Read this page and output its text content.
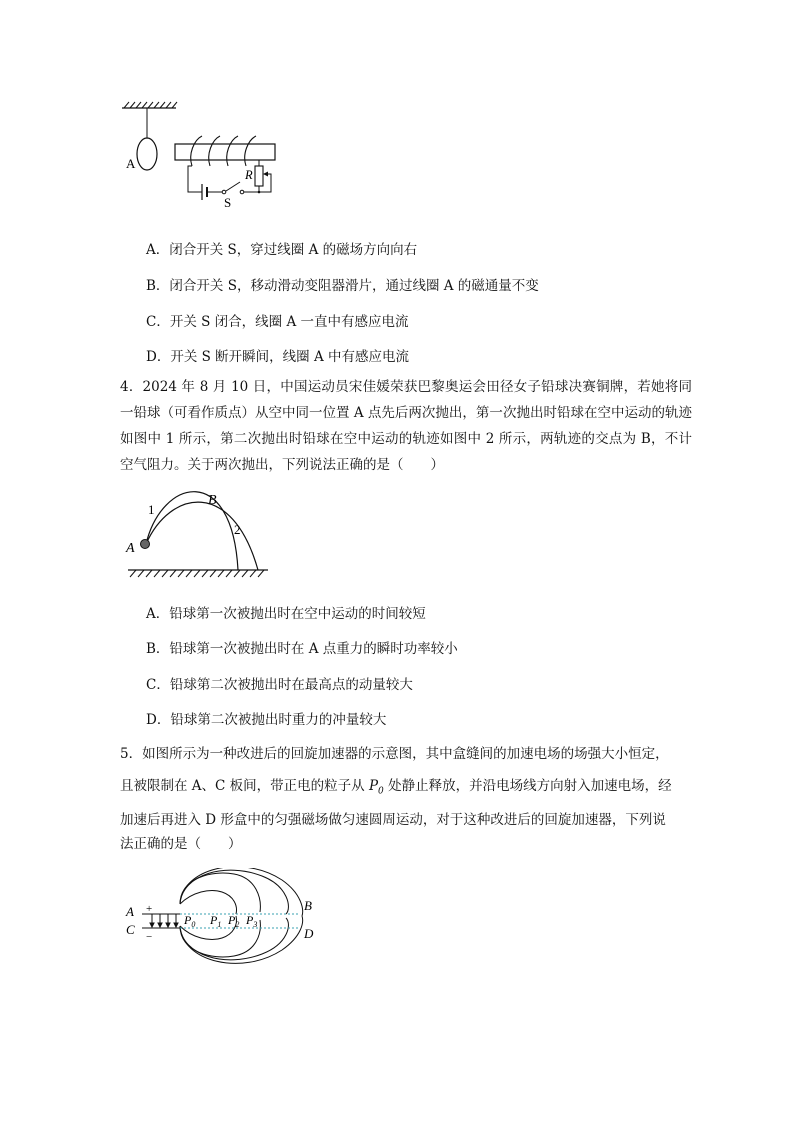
A
S
R
A．闭合开关 S，穿过线圈 A 的磁场方向向右
B．闭合开关 S，移动滑动变阻器滑片，通过线圈 A 的磁通量不变
C．开关 S 闭合，线圈 A 一直中有感应电流
D．开关 S 断开瞬间，线圈 A 中有感应电流
4．2024 年 8 月 10 日，中国运动员宋佳媛荣获巴黎奥运会田径女子铅球决赛铜牌，若她将同一铅球（可看作质点）从空中同一位置 A 点先后两次抛出，第一次抛出时铅球在空中运动的轨迹如图中 1 所示，第二次抛出时铅球在空中运动的轨迹如图中 2 所示，两轨迹的交点为 B，不计空气阻力。关于两次抛出，下列说法正确的是（　　）
A
B
1
2
A．铅球第一次被抛出时在空中运动的时间较短
B．铅球第一次被抛出时在 A 点重力的瞬时功率较小
C．铅球第二次被抛出时在最高点的动量较大
D．铅球第二次被抛出时重力的冲量较大
5．如图所示为一种改进后的回旋加速器的示意图，其中盒缝间的加速电场的场强大小恒定，
且被限制在 A、C 板间，带正电的粒子从 $P_0$ 处静止释放，并沿电场线方向射入加速电场，经
加速后再进入 D 形盒中的匀强磁场做匀速圆周运动，对于这种改进后的回旋加速器，下列说
法正确的是（　　）
+
−
A
C
B
D
$P_0$ $P_1$ $P_2$ $P_3$
